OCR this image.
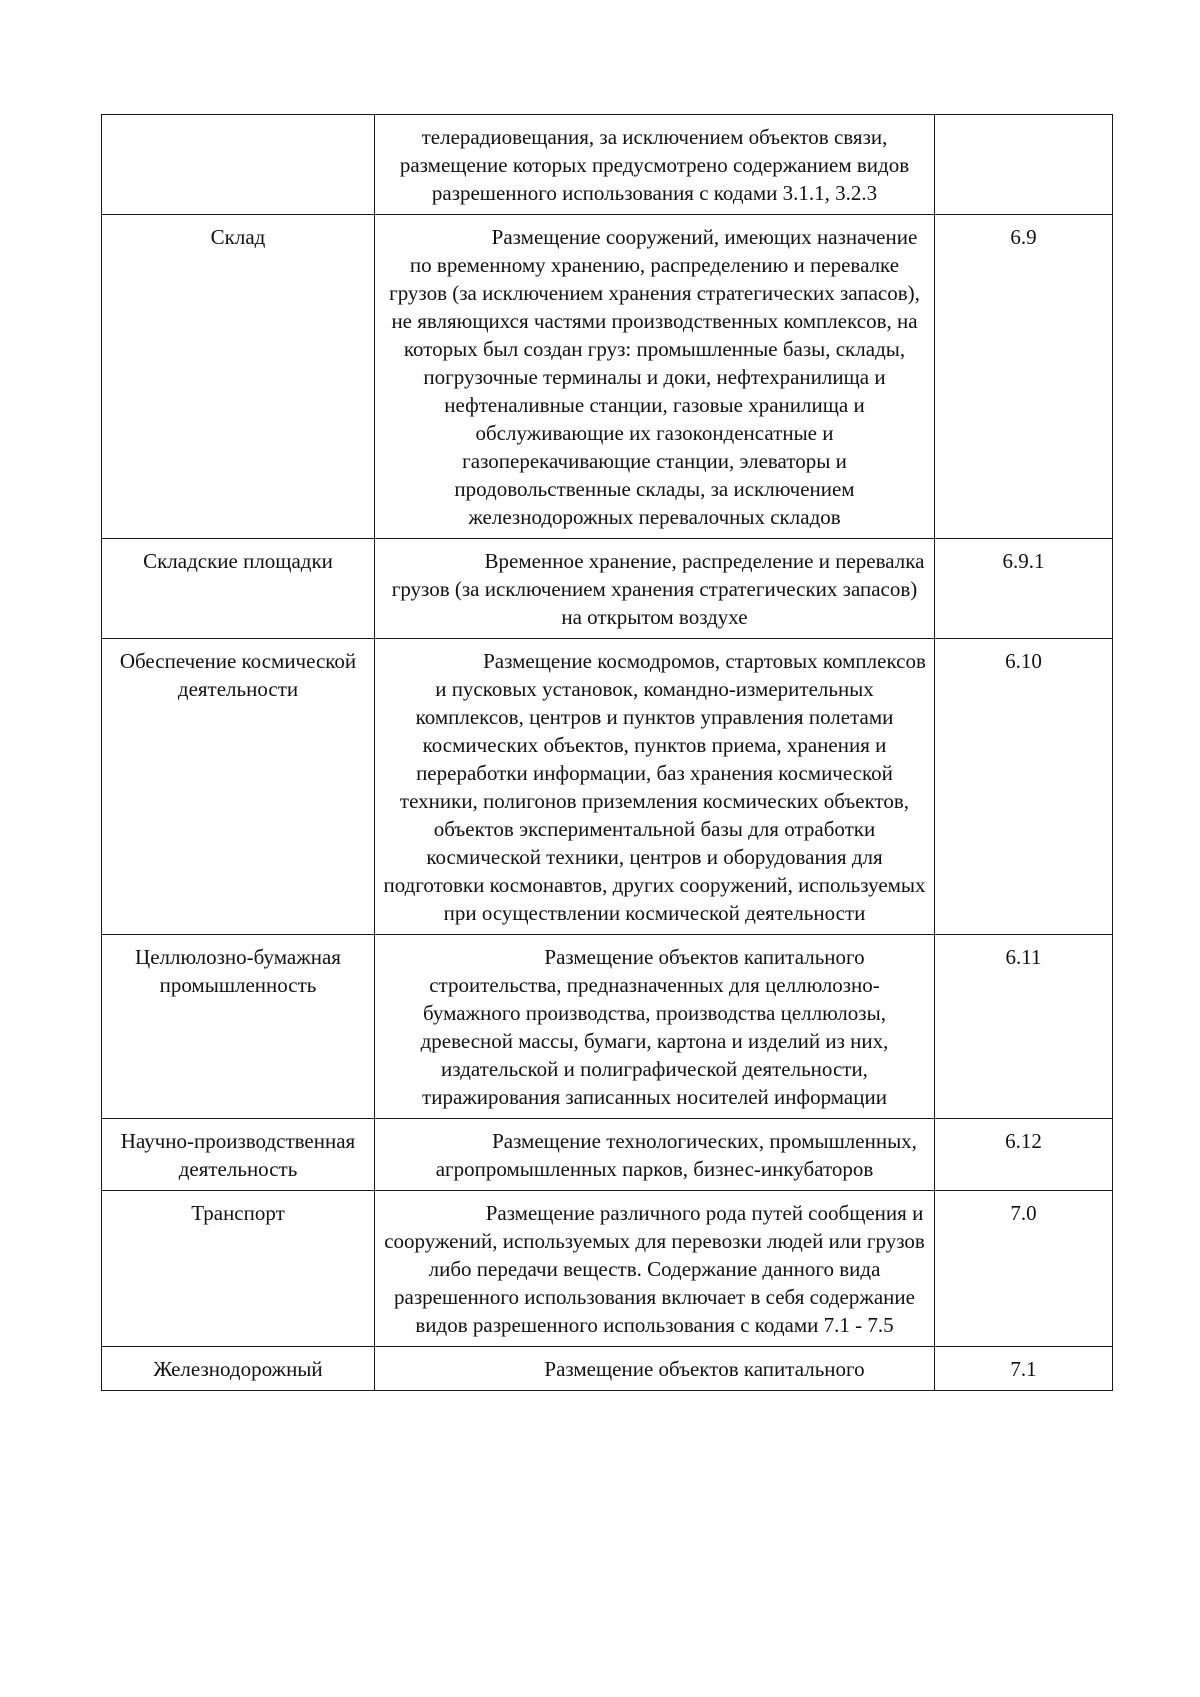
	телерадиовещания, за исключением объектов связи, размещение которых предусмотрено содержанием видов разрешенного использования с кодами 3.1.1, 3.2.3	
Склад	Размещение сооружений, имеющих назначение по временному хранению, распределению и перевалке грузов (за исключением хранения стратегических запасов), не являющихся частями производственных комплексов, на которых был создан груз: промышленные базы, склады, погрузочные терминалы и доки, нефтехранилища и нефтеналивные станции, газовые хранилища и обслуживающие их газоконденсатные и газоперекачивающие станции, элеваторы и продовольственные склады, за исключением железнодорожных перевалочных складов	6.9
Складские площадки	Временное хранение, распределение и перевалка грузов (за исключением хранения стратегических запасов) на открытом воздухе	6.9.1
Обеспечение космической деятельности	Размещение космодромов, стартовых комплексов и пусковых установок, командно-измерительных комплексов, центров и пунктов управления полетами космических объектов, пунктов приема, хранения и переработки информации, баз хранения космической техники, полигонов приземления космических объектов, объектов экспериментальной базы для отработки космической техники, центров и оборудования для подготовки космонавтов, других сооружений, используемых при осуществлении космической деятельности	6.10
Целлюлозно-бумажная промышленность	Размещение объектов капитального строительства, предназначенных для целлюлозно-бумажного производства, производства целлюлозы, древесной массы, бумаги, картона и изделий из них, издательской и полиграфической деятельности, тиражирования записанных носителей информации	6.11
Научно-производственная деятельность	Размещение технологических, промышленных, агропромышленных парков, бизнес-инкубаторов	6.12
Транспорт	Размещение различного рода путей сообщения и сооружений, используемых для перевозки людей или грузов либо передачи веществ. Содержание данного вида разрешенного использования включает в себя содержание видов разрешенного использования с кодами 7.1 - 7.5	7.0
Железнодорожный	Размещение объектов капитального	7.1
